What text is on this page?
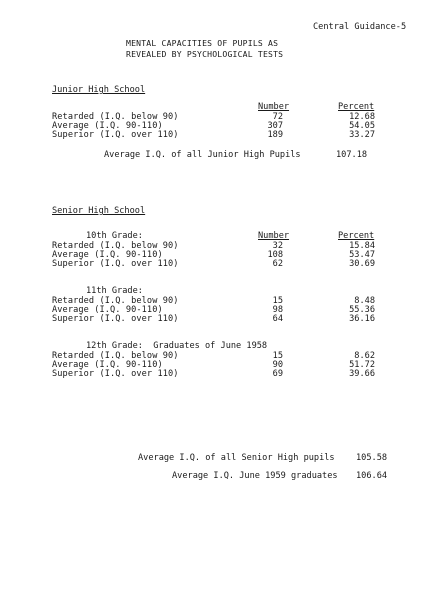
Central Guidance-5
MENTAL CAPACITIES OF PUPILS AS
REVEALED BY PSYCHOLOGICAL TESTS
Junior High School
Number	Percent
Retarded (I.Q. below 90)	72	12.68
Average (I.Q. 90-110)	307	54.05
Superior (I.Q. over 110)	189	33.27
Average I.Q. of all Junior High Pupils	107.18
Senior High School
10th Grade:	Number	Percent
Retarded (I.Q. below 90)	32	15.84
Average (I.Q. 90-110)	108	53.47
Superior (I.Q. over 110)	62	30.69
11th Grade:
Retarded (I.Q. below 90)	15	8.48
Average (I.Q. 90-110)	98	55.36
Superior (I.Q. over 110)	64	36.16
12th Grade:  Graduates of June 1958
Retarded (I.Q. below 90)	15	8.62
Average (I.Q. 90-110)	90	51.72
Superior (I.Q. over 110)	69	39.66
Average I.Q. of all Senior High pupils 105.58
Average I.Q. June 1959 graduates 106.64
